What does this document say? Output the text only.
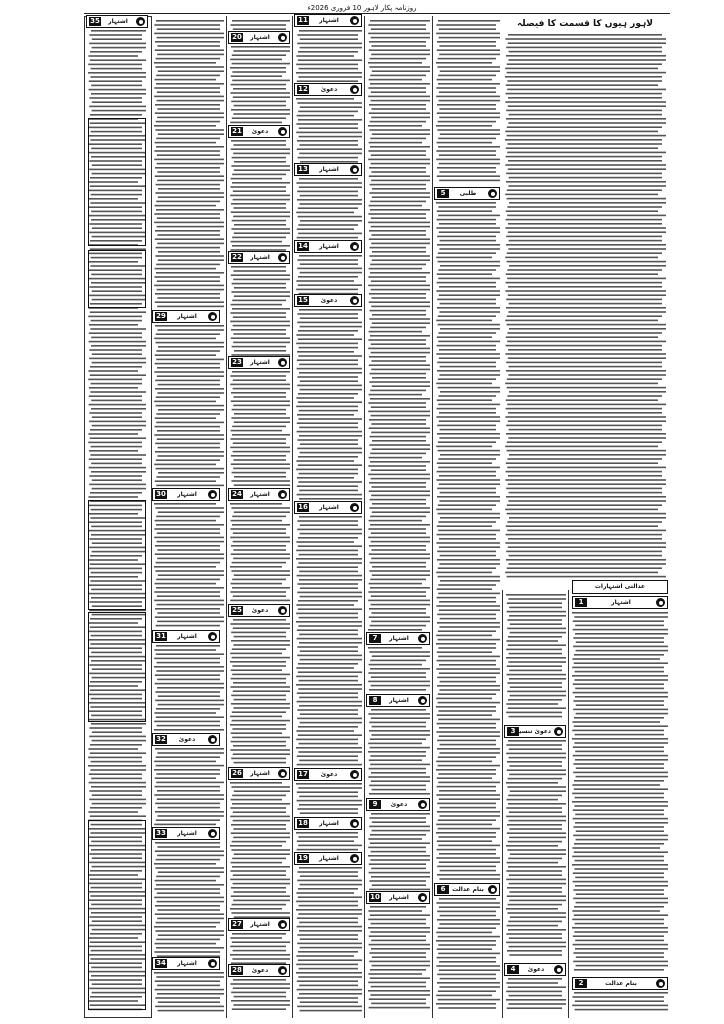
روزنامہ پکار لاہور 10 فروری 2026ء
لاہور ہیوں کا قسمت کا فیصلہ
عدالتی اشتہارات
1	اشتہار
2	بنام عدالت
3 دعویٰ تنسیخ
4	دعویٰ
5	طلبی
6	بنام عدالت
7	اشتہار
8	اشتہار
9	دعویٰ
10	اشتہار
11	اشتہار
12	دعویٰ
13	اشتہار
14	اشتہار
15	دعویٰ
16	اشتہار
17	دعویٰ
18	اشتہار
19	اشتہار
20	اشتہار
21	دعویٰ
22	اشتہار
23	اشتہار
24	اشتہار
25	دعویٰ
26	اشتہار
27	اشتہار
28	دعویٰ
29	اشتہار
30	اشتہار
31	اشتہار
32	دعویٰ
33	اشتہار
34	اشتہار
35	اشتہار
